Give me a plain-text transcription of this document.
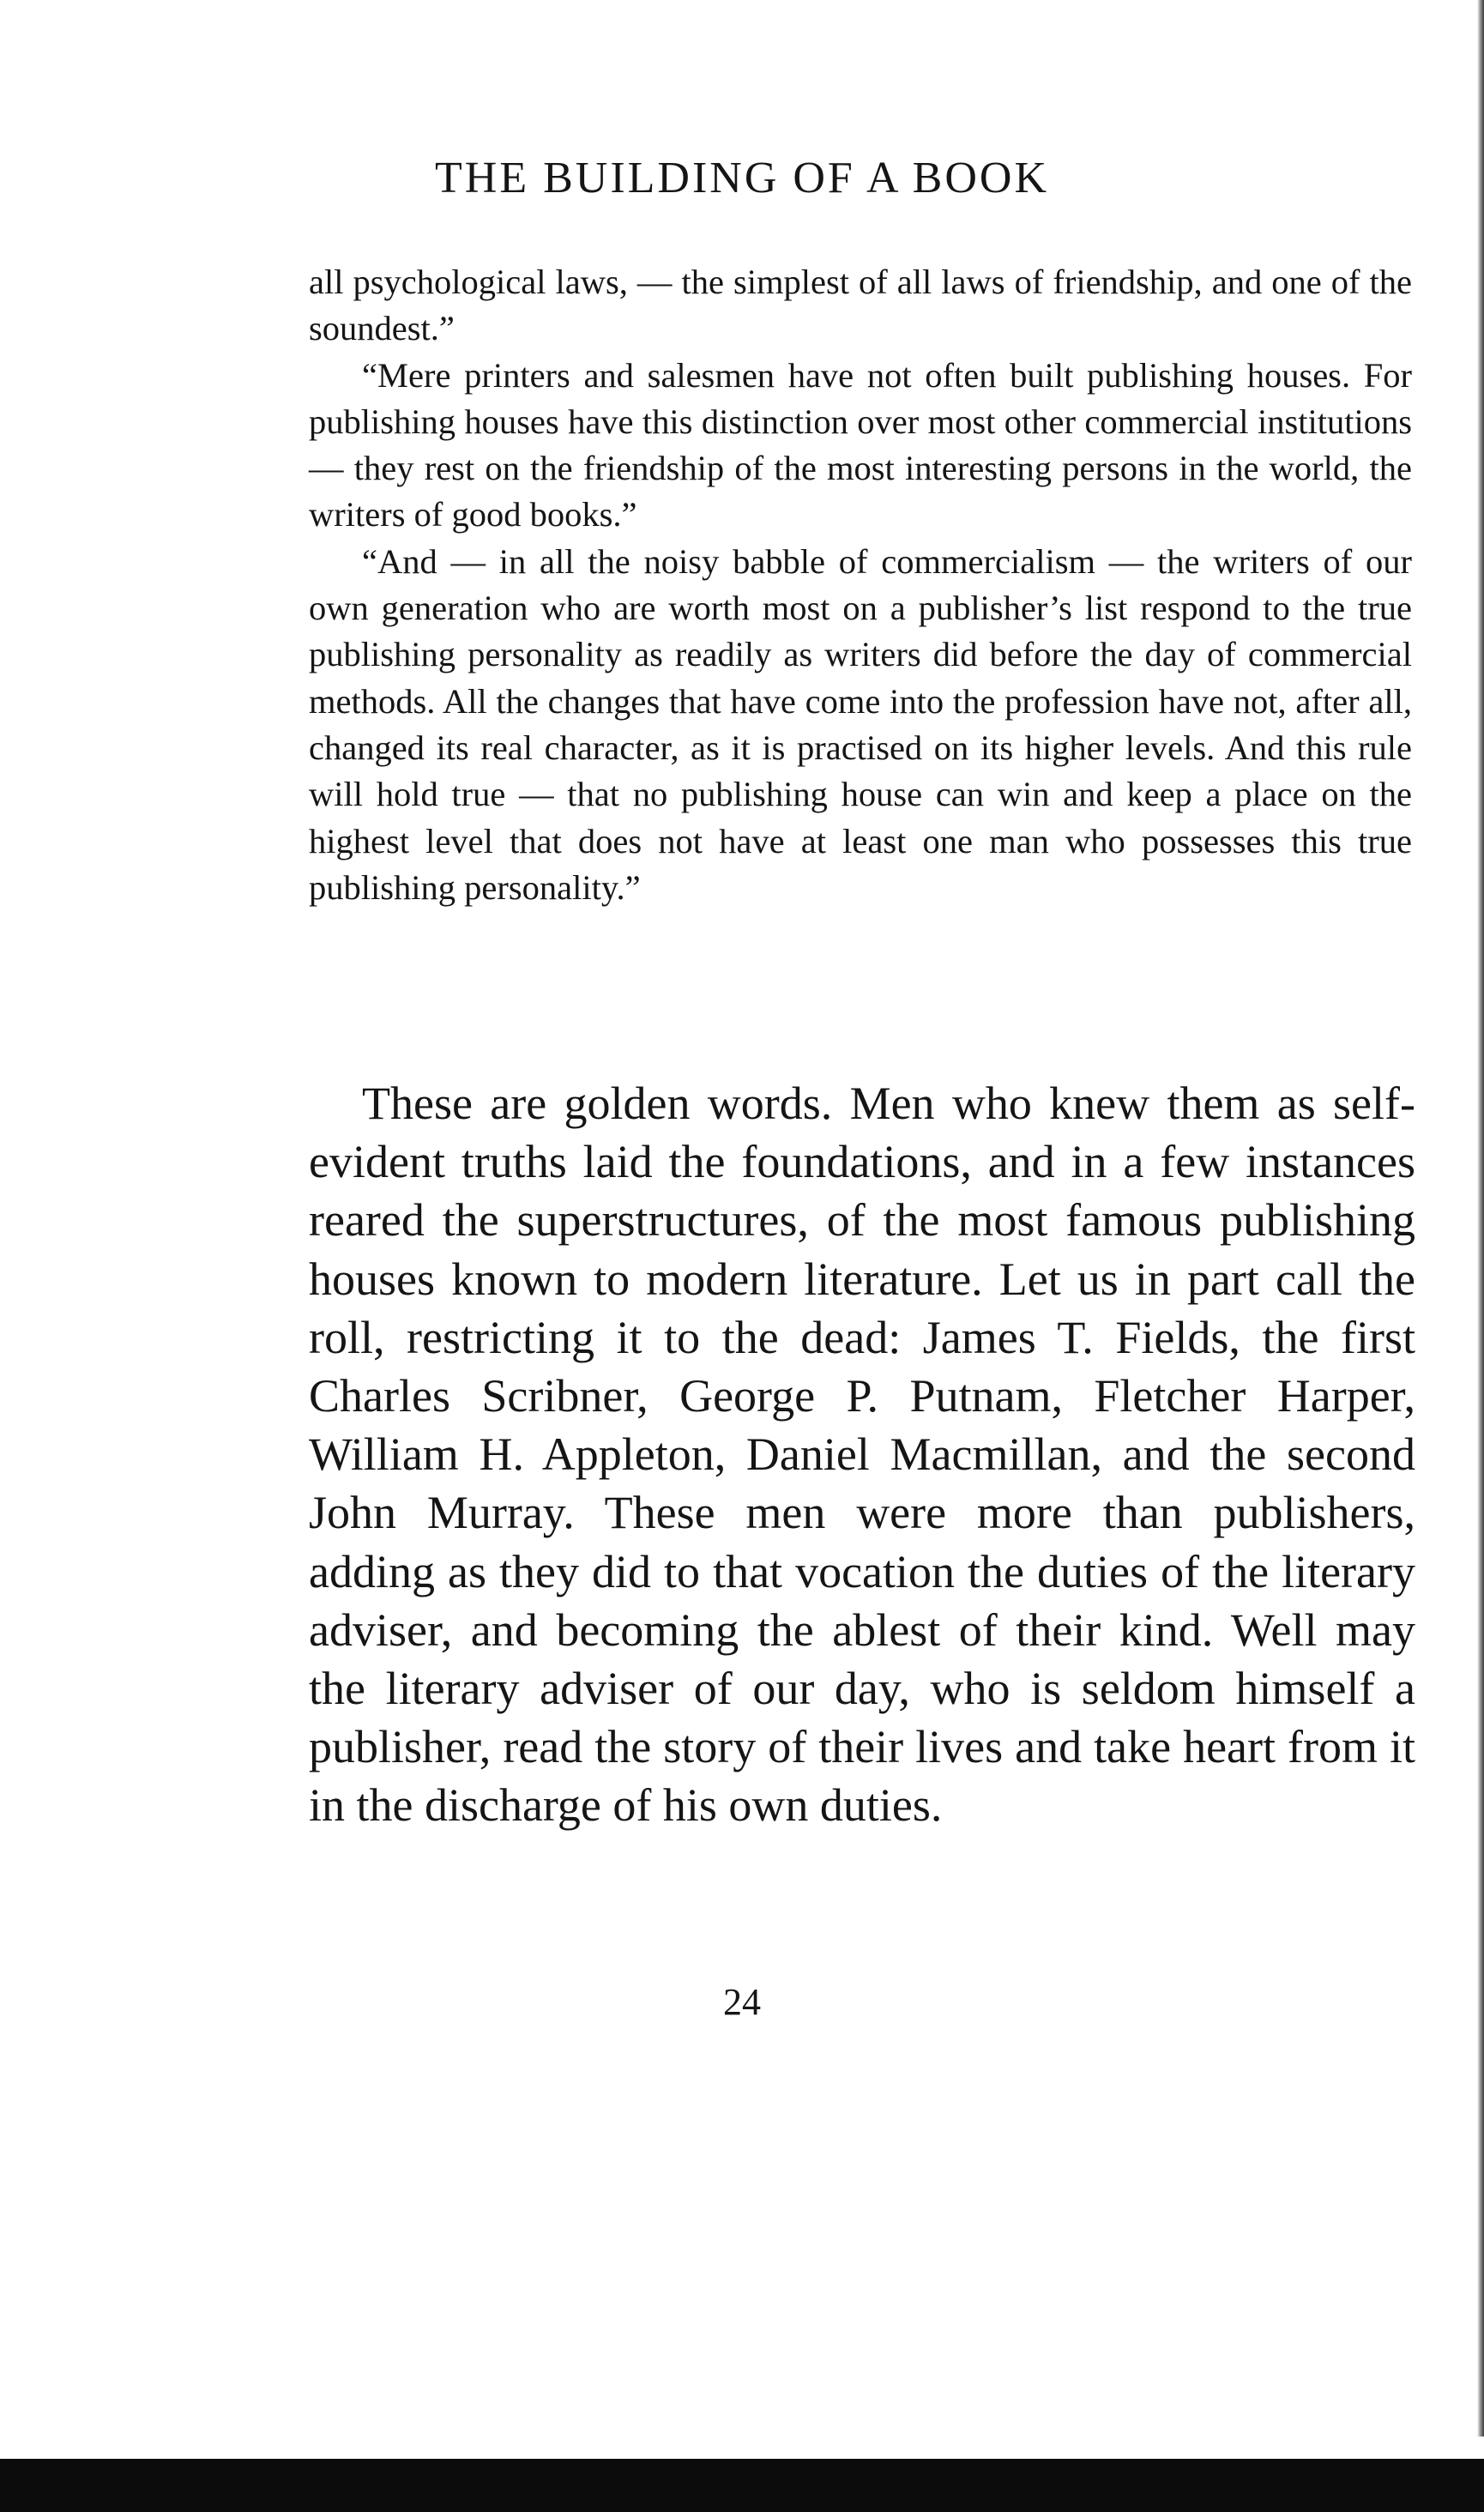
THE BUILDING OF A BOOK

all psychological laws, — the simplest of all laws of friendship, and one of the soundest.”

“Mere printers and salesmen have not often built publishing houses. For publishing houses have this distinction over most other commercial institutions — they rest on the friendship of the most interesting persons in the world, the writers of good books.”

“And — in all the noisy babble of commercialism — the writers of our own generation who are worth most on a publisher’s list respond to the true publishing personality as readily as writers did before the day of commercial methods. All the changes that have come into the profession have not, after all, changed its real character, as it is practised on its higher levels. And this rule will hold true — that no publishing house can win and keep a place on the highest level that does not have at least one man who possesses this true publishing personality.”

These are golden words. Men who knew them as self-evident truths laid the foundations, and in a few instances reared the superstructures, of the most famous publishing houses known to modern literature. Let us in part call the roll, restricting it to the dead: James T. Fields, the first Charles Scribner, George P. Putnam, Fletcher Harper, William H. Appleton, Daniel Macmillan, and the second John Murray. These men were more than publishers, adding as they did to that vocation the duties of the literary adviser, and becoming the ablest of their kind. Well may the literary adviser of our day, who is seldom himself a publisher, read the story of their lives and take heart from it in the discharge of his own duties.

24
